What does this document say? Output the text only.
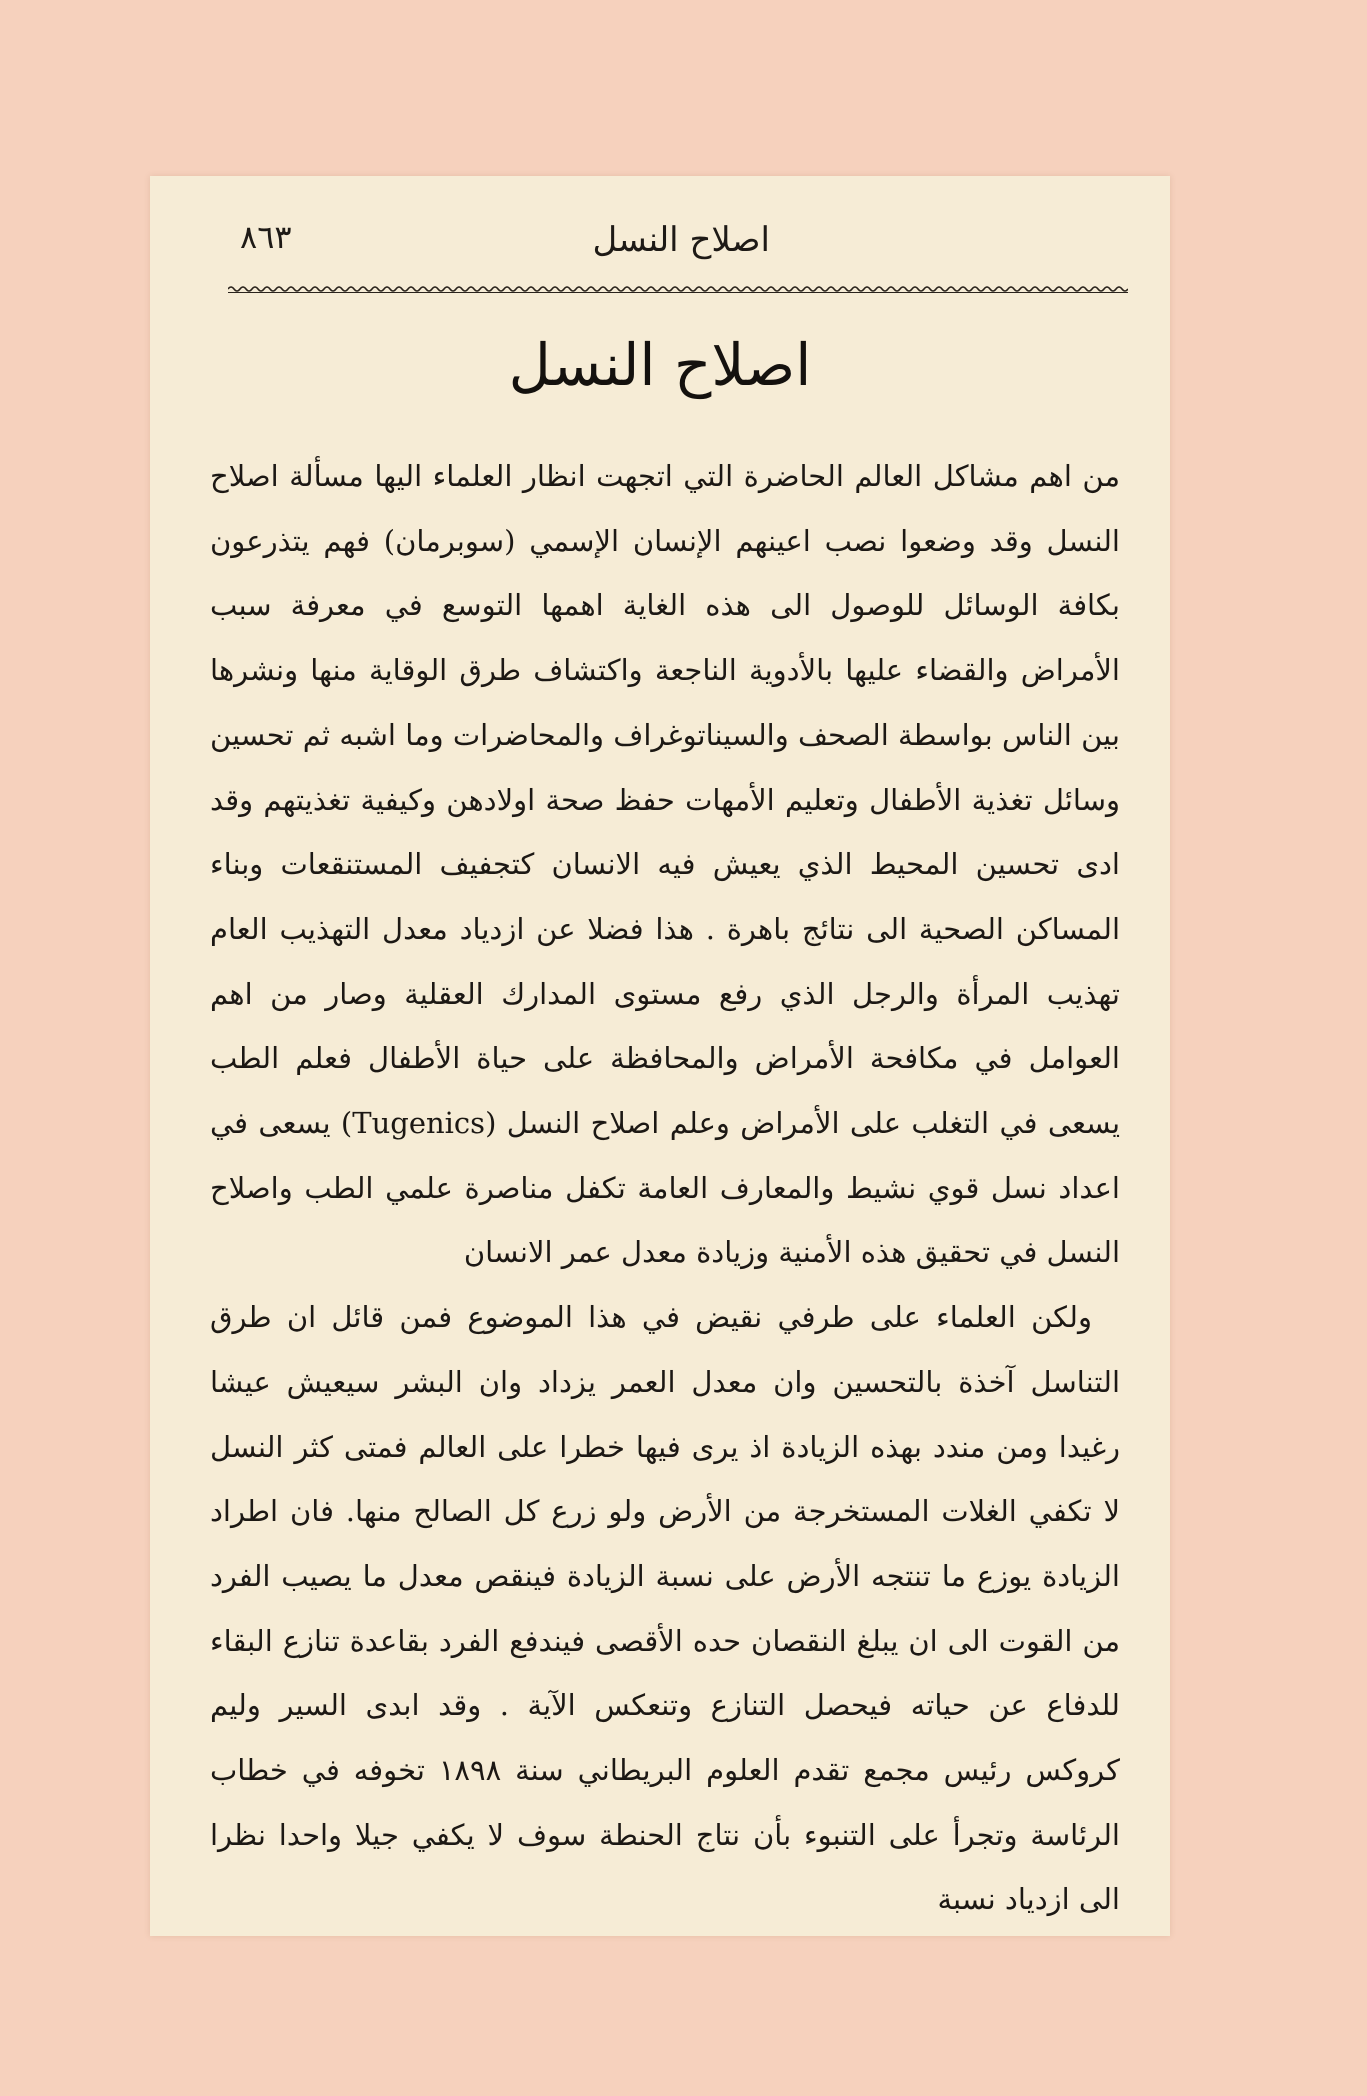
اصلاح النسل
٨٦٣
اصلاح النسل

من اهم مشاكل العالم الحاضرة التي اتجهت انظار العلماء اليها مسألة اصلاح النسل وقد وضعوا نصب اعينهم الإنسان الإسمي (سوبرمان) فهم يتذرعون بكافة الوسائل للوصول الى هذه الغاية اهمها التوسع في معرفة سبب الأمراض والقضاء عليها بالأدوية الناجعة واكتشاف طرق الوقاية منها ونشرها بين الناس بواسطة الصحف والسيناتوغراف والمحاضرات وما اشبه ثم تحسين وسائل تغذية الأطفال وتعليم الأمهات حفظ صحة اولادهن وكيفية تغذيتهم وقد ادى تحسين المحيط الذي يعيش فيه الانسان كتجفيف المستنقعات وبناء المساكن الصحية الى نتائج باهرة . هذا فضلا عن ازدياد معدل التهذيب العام تهذيب المرأة والرجل الذي رفع مستوى المدارك العقلية وصار من اهم العوامل في مكافحة الأمراض والمحافظة على حياة الأطفال فعلم الطب يسعى في التغلب على الأمراض وعلم اصلاح النسل (Tugenics) يسعى في اعداد نسل قوي نشيط والمعارف العامة تكفل مناصرة علمي الطب واصلاح النسل في تحقيق هذه الأمنية وزيادة معدل عمر الانسان

ولكن العلماء على طرفي نقيض في هذا الموضوع فمن قائل ان طرق التناسل آخذة بالتحسين وان معدل العمر يزداد وان البشر سيعيش عيشا رغيدا ومن مندد بهذه الزيادة اذ يرى فيها خطرا على العالم فمتى كثر النسل لا تكفي الغلات المستخرجة من الأرض ولو زرع كل الصالح منها. فان اطراد الزيادة يوزع ما تنتجه الأرض على نسبة الزيادة فينقص معدل ما يصيب الفرد من القوت الى ان يبلغ النقصان حده الأقصى فيندفع الفرد بقاعدة تنازع البقاء للدفاع عن حياته فيحصل التنازع وتنعكس الآية . وقد ابدى السير وليم كروكس رئيس مجمع تقدم العلوم البريطاني سنة ١٨٩٨ تخوفه في خطاب الرئاسة وتجرأ على التنبوء بأن نتاج الحنطة سوف لا يكفي جيلا واحدا نظرا الى ازدياد نسبة
